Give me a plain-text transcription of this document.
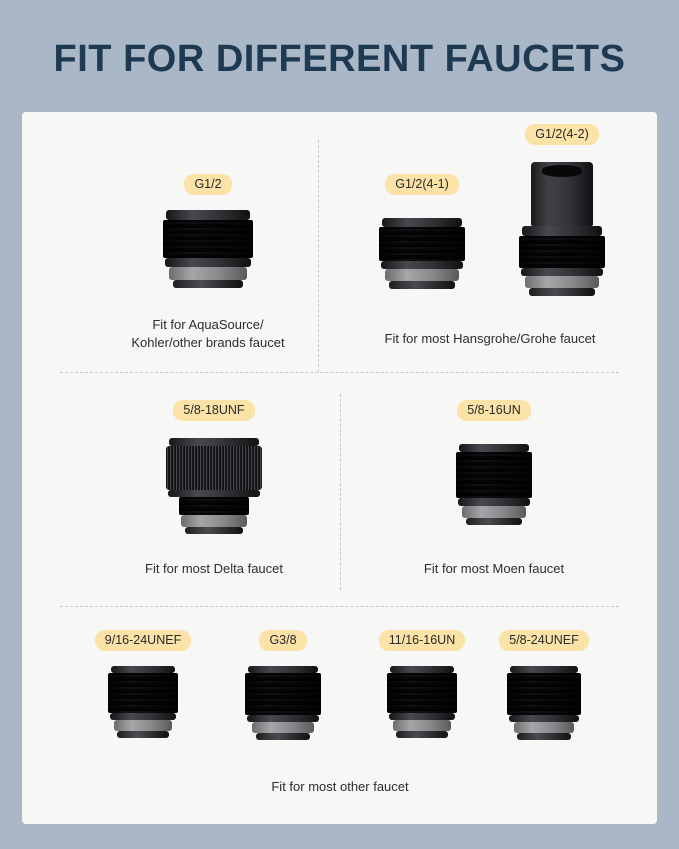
FIT FOR DIFFERENT FAUCETS
G1/2
Fit for AquaSource/
Kohler/other brands faucet
G1/2(4-1)
G1/2(4-2)
Fit for most Hansgrohe/Grohe faucet
5/8-18UNF
Fit for most Delta faucet
5/8-16UN
Fit for most Moen faucet
9/16-24UNEF	G3/8	11/16-16UN	5/8-24UNEF
Fit for most other faucet
